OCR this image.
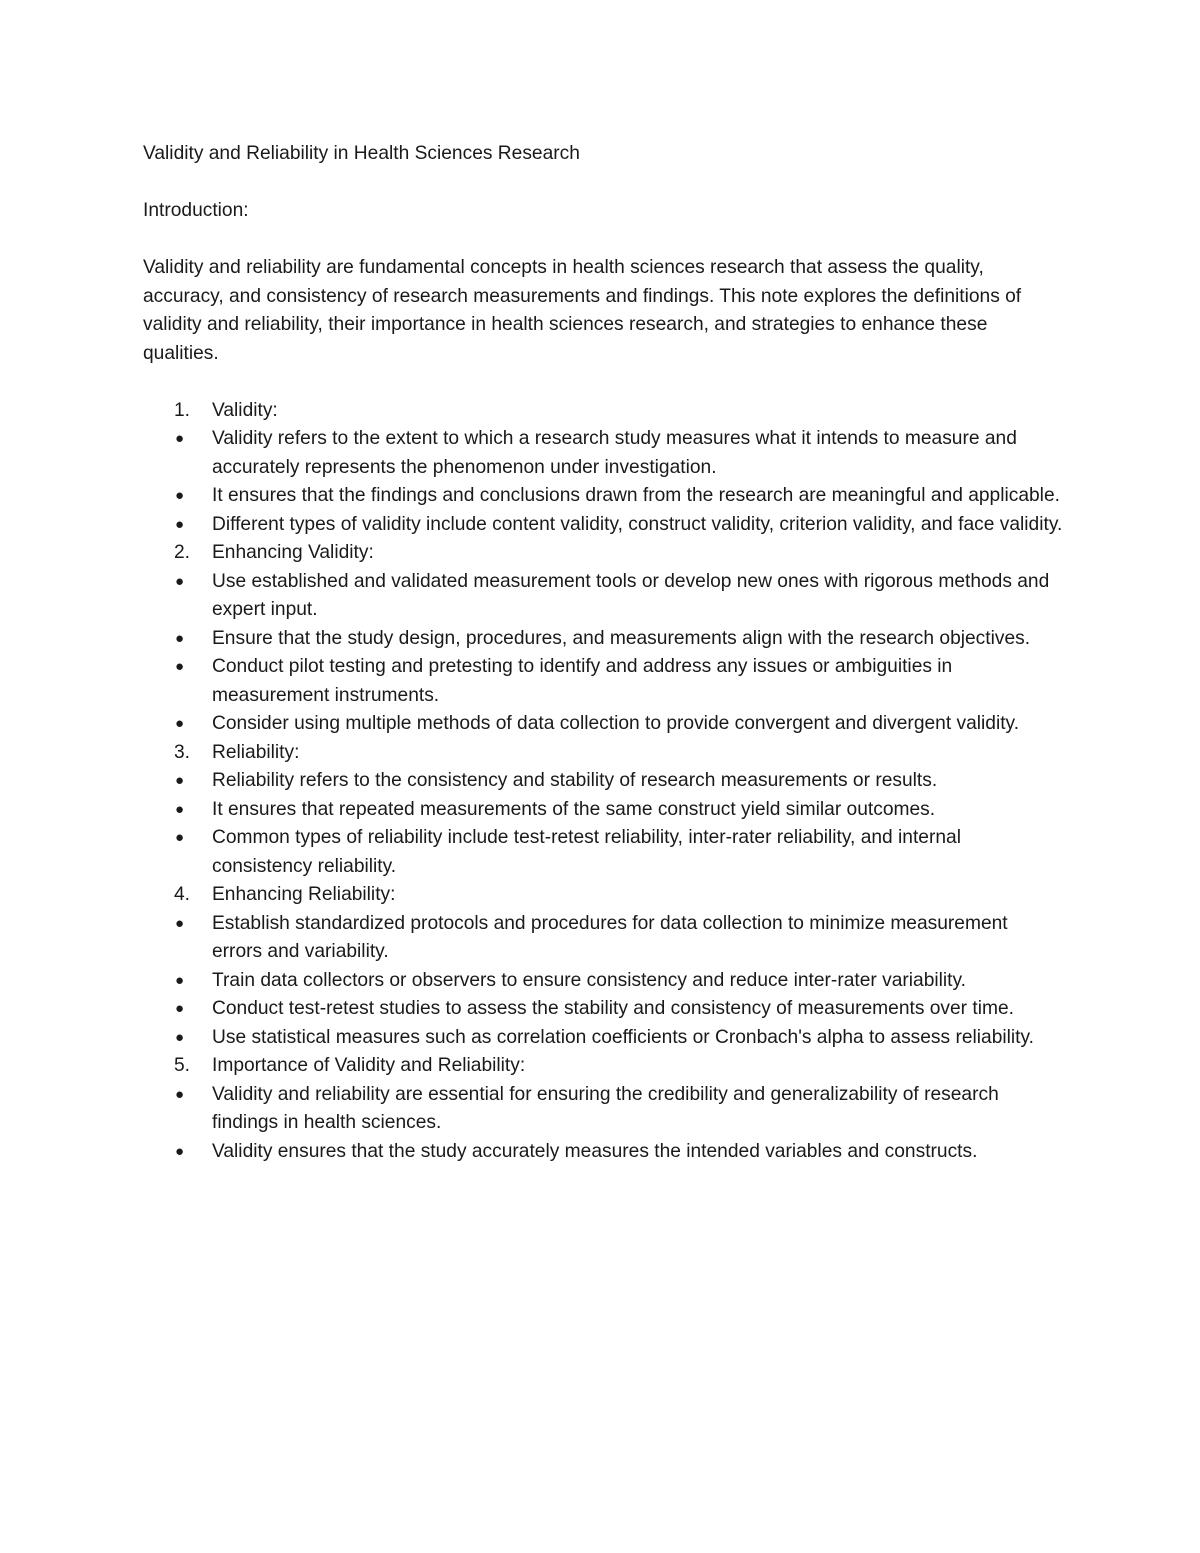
Validity and Reliability in Health Sciences Research
Introduction:

Validity and reliability are fundamental concepts in health sciences research that assess the quality, accuracy, and consistency of research measurements and findings. This note explores the definitions of validity and reliability, their importance in health sciences research, and strategies to enhance these qualities.

1.	Validity:
●	Validity refers to the extent to which a research study measures what it intends to measure and accurately represents the phenomenon under investigation.
●	It ensures that the findings and conclusions drawn from the research are meaningful and applicable.
●	Different types of validity include content validity, construct validity, criterion validity, and face validity.
2.	Enhancing Validity:
●	Use established and validated measurement tools or develop new ones with rigorous methods and expert input.
●	Ensure that the study design, procedures, and measurements align with the research objectives.
●	Conduct pilot testing and pretesting to identify and address any issues or ambiguities in measurement instruments.
●	Consider using multiple methods of data collection to provide convergent and divergent validity.
3.	Reliability:
●	Reliability refers to the consistency and stability of research measurements or results.
●	It ensures that repeated measurements of the same construct yield similar outcomes.
●	Common types of reliability include test-retest reliability, inter-rater reliability, and internal consistency reliability.
4.	Enhancing Reliability:
●	Establish standardized protocols and procedures for data collection to minimize measurement errors and variability.
●	Train data collectors or observers to ensure consistency and reduce inter-rater variability.
●	Conduct test-retest studies to assess the stability and consistency of measurements over time.
●	Use statistical measures such as correlation coefficients or Cronbach's alpha to assess reliability.
5.	Importance of Validity and Reliability:
●	Validity and reliability are essential for ensuring the credibility and generalizability of research findings in health sciences.
●	Validity ensures that the study accurately measures the intended variables and constructs.
